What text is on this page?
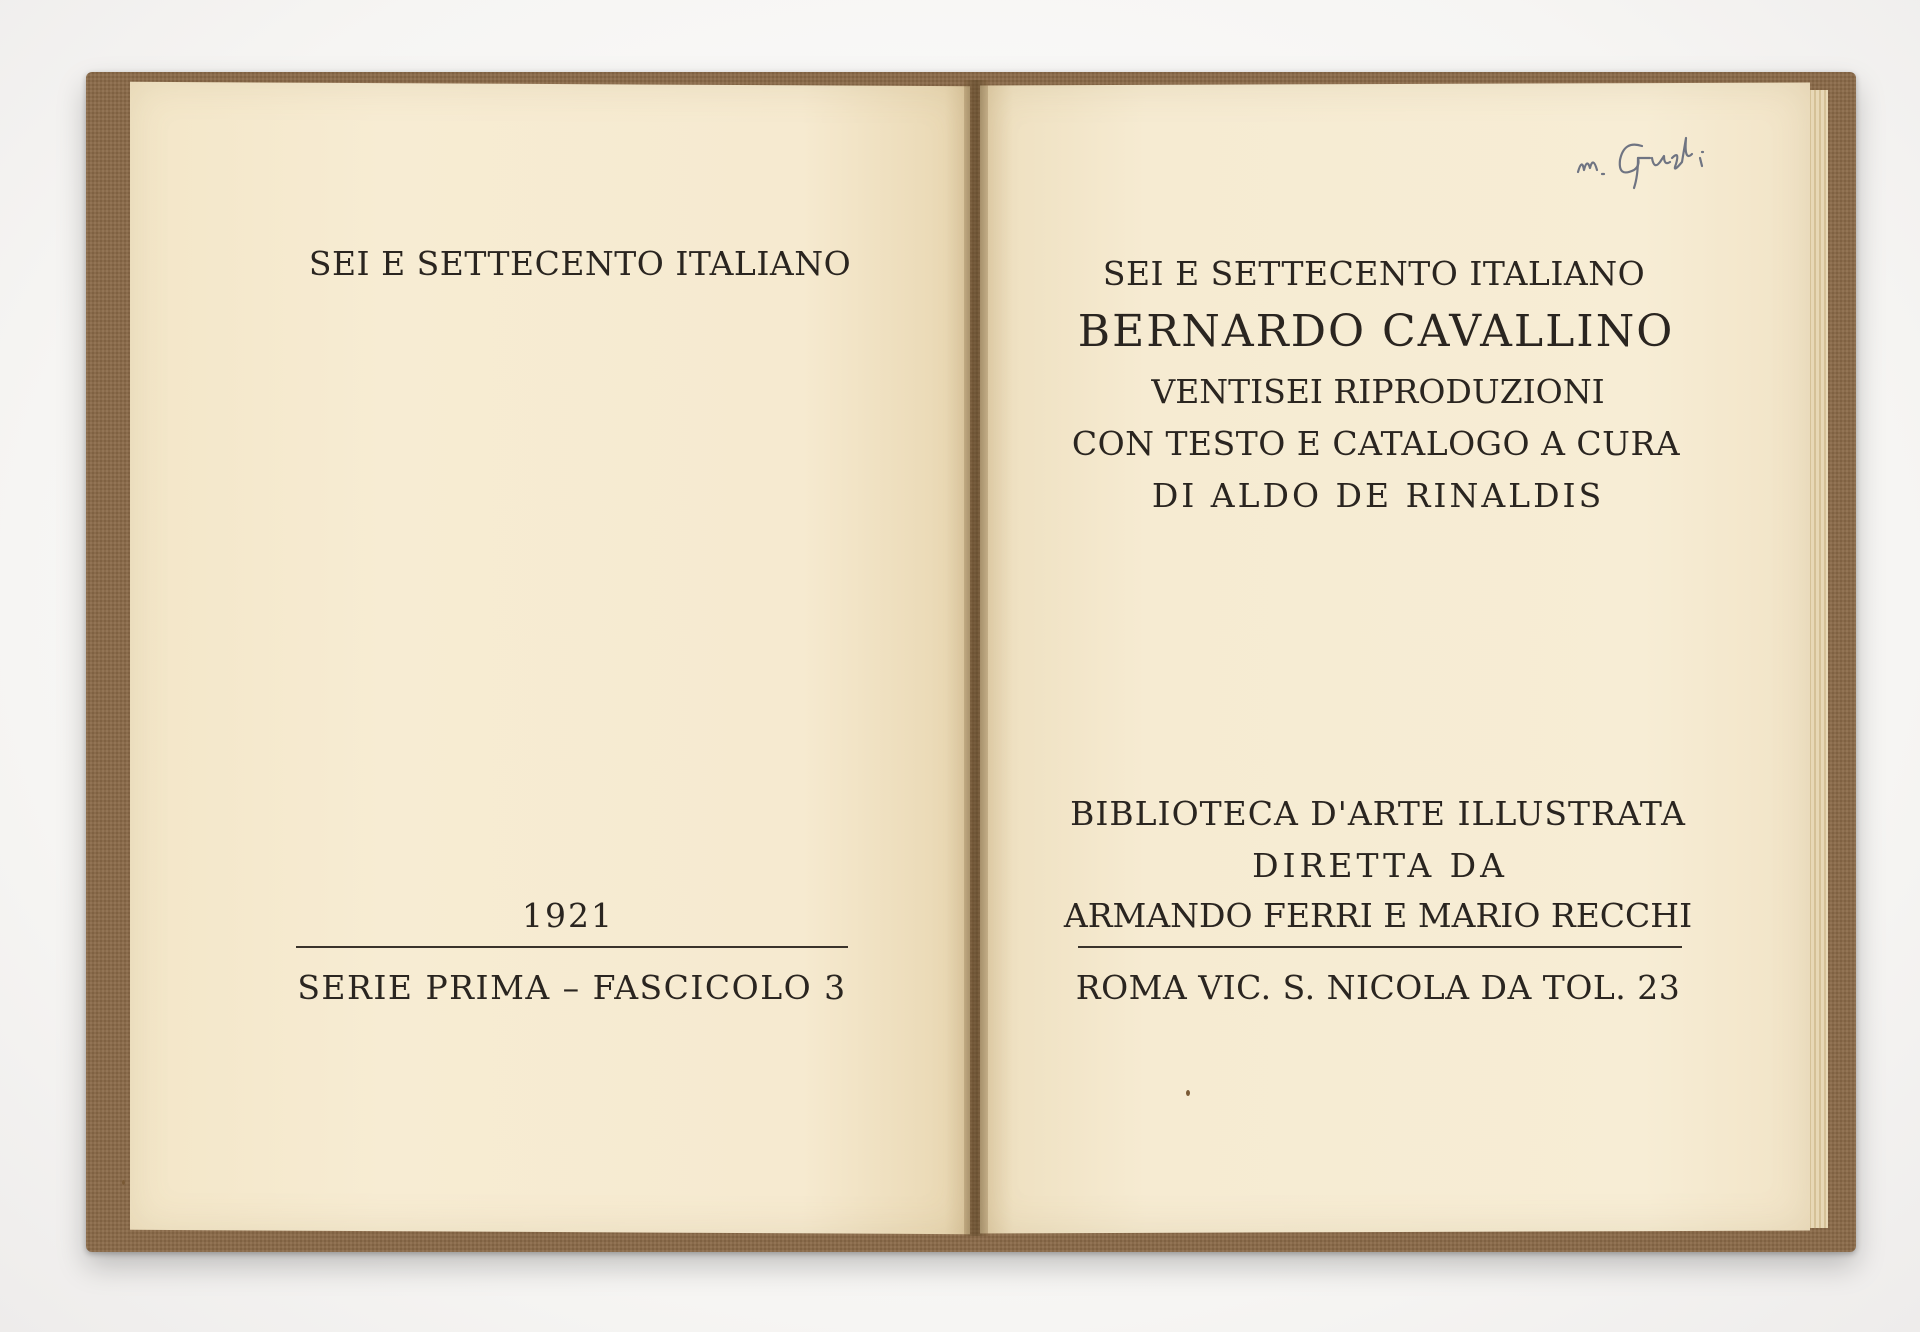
SEI E SETTECENTO ITALIANO

1921

SERIE PRIMA – FASCICOLO 3

SEI E SETTECENTO ITALIANO

BERNARDO CAVALLINO

VENTISEI RIPRODUZIONI

CON TESTO E CATALOGO A CURA

DI ALDO DE RINALDIS

BIBLIOTECA D'ARTE ILLUSTRATA

DIRETTA DA

ARMANDO FERRI E MARIO RECCHI

ROMA VIC. S. NICOLA DA TOL. 23
